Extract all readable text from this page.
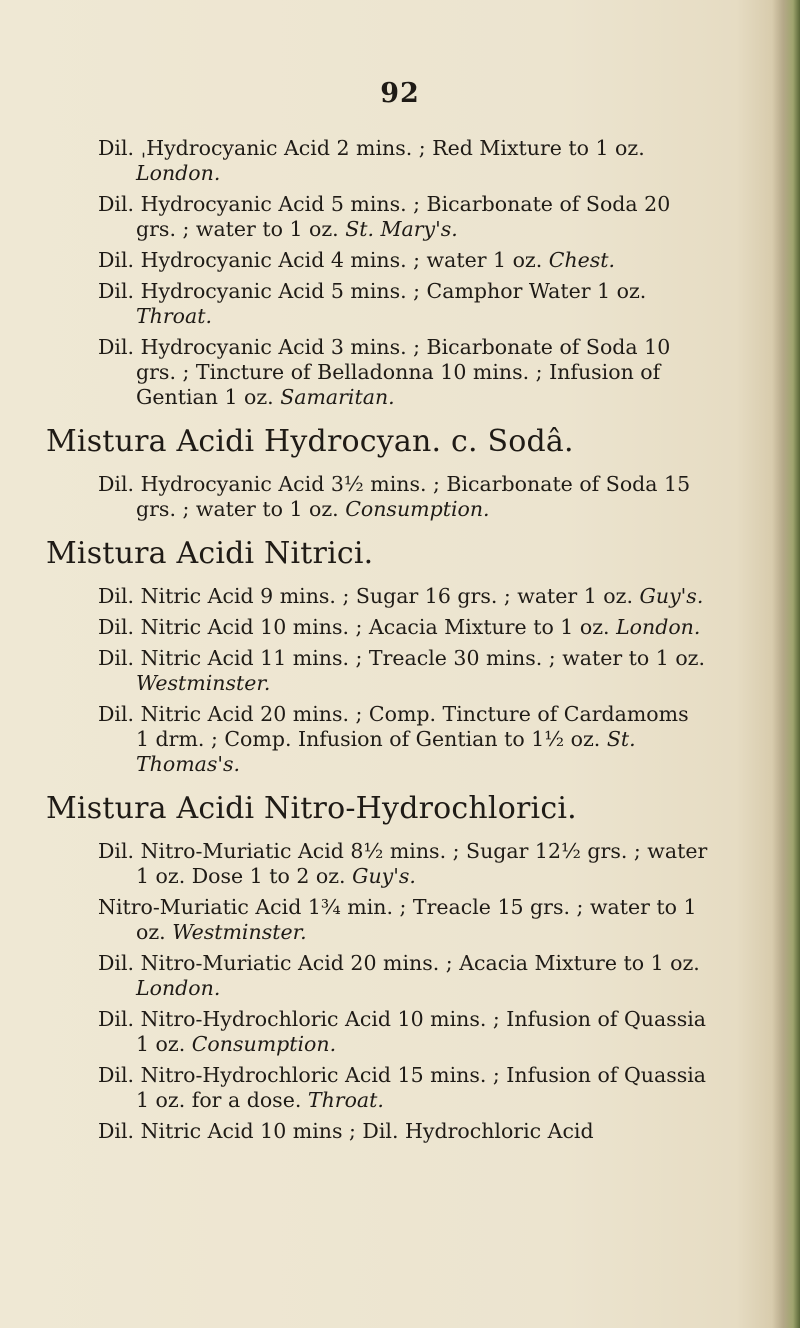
92

Dil. ˌHydrocyanic Acid 2 mins. ; Red Mixture to 1 oz. London.

Dil. Hydrocyanic Acid 5 mins. ; Bicarbonate of Soda 20 grs. ; water to 1 oz. St. Mary's.

Dil. Hydrocyanic Acid 4 mins. ; water 1 oz. Chest.

Dil. Hydrocyanic Acid 5 mins. ; Camphor Water 1 oz. Throat.

Dil. Hydrocyanic Acid 3 mins. ; Bicarbonate of Soda 10 grs. ; Tincture of Belladonna 10 mins. ; Infusion of Gentian 1 oz. Samaritan.

Mistura Acidi Hydrocyan. c. Sodâ.

Dil. Hydrocyanic Acid 3½ mins. ; Bicarbonate of Soda 15 grs. ; water to 1 oz. Consumption.

Mistura Acidi Nitrici.

Dil. Nitric Acid 9 mins. ; Sugar 16 grs. ; water 1 oz. Guy's.

Dil. Nitric Acid 10 mins. ; Acacia Mixture to 1 oz. London.

Dil. Nitric Acid 11 mins. ; Treacle 30 mins. ; water to 1 oz. Westminster.

Dil. Nitric Acid 20 mins. ; Comp. Tincture of Cardamoms 1 drm. ; Comp. Infusion of Gentian to 1½ oz. St. Thomas's.

Mistura Acidi Nitro-Hydrochlorici.

Dil. Nitro-Muriatic Acid 8½ mins. ; Sugar 12½ grs. ; water 1 oz. Dose 1 to 2 oz. Guy's.

Nitro-Muriatic Acid 1¾ min. ; Treacle 15 grs. ; water to 1 oz. Westminster.

Dil. Nitro-Muriatic Acid 20 mins. ; Acacia Mixture to 1 oz. London.

Dil. Nitro-Hydrochloric Acid 10 mins. ; Infusion of Quassia 1 oz. Consumption.

Dil. Nitro-Hydrochloric Acid 15 mins. ; Infusion of Quassia 1 oz. for a dose. Throat.

Dil. Nitric Acid 10 mins ; Dil. Hydrochloric Acid
